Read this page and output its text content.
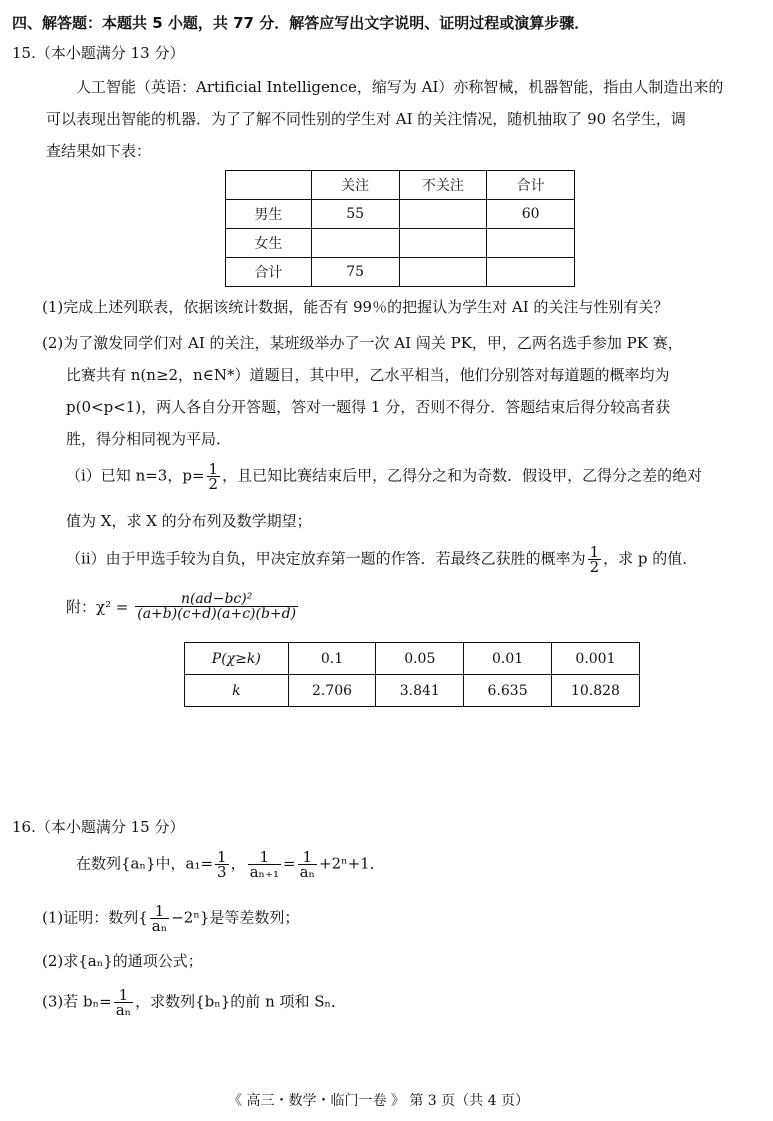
四、解答题：本题共 5 小题，共 77 分．解答应写出文字说明、证明过程或演算步骤．
15.（本小题满分 13 分）
人工智能（英语：Artificial Intelligence，缩写为 AI）亦称智械，机器智能，指由人制造出来的
可以表现出智能的机器．为了了解不同性别的学生对 AI 的关注情况，随机抽取了 90 名学生，调
查结果如下表：
	关注	不关注	合计
男生	55		60
女生			
合计	75		
(1)完成上述列联表，依据该统计数据，能否有 99％的把握认为学生对 AI 的关注与性别有关？
(2)为了激发同学们对 AI 的关注，某班级举办了一次 AI 闯关 PK，甲，乙两名选手参加 PK 赛，
比赛共有 n(n≥2，n∈N*）道题目，其中甲，乙水平相当，他们分别答对每道题的概率均为
p(0<p<1)，两人各自分开答题，答对一题得 1 分，否则不得分．答题结束后得分较高者获
胜，得分相同视为平局．
（ⅰ）已知 n=3，$p= \frac{1}{2}$ ，且已知比赛结束后甲，乙得分之和为奇数．假设甲，乙得分之差的绝对
值为 X，求 X 的分布列及数学期望；
（ⅱ）由于甲选手较为自负，甲决定放弃第一题的作答．若最终乙获胜的概率为 $\frac{1}{2}$ ，求 p 的值．
附：$\chi^2 = \frac{\text{n(ad−bc)²}}{(a+b)(c+d)(a+c)(b+d)}$
P(χ≥k)	0.1	0.05	0.01	0.001
k	2.706	3.841	6.635	10.828
16.（本小题满分 15 分）
在数列{aₙ}中，$a_1= \frac{1}{3}$ ， $\frac{1}{\text{aₙ₊₁}} = \frac{1}{\text{aₙ}} +2^n+1$．
(1)证明：数列{ $\frac{1}{\text{aₙ}} -2^n$}是等差数列；
(2)求{aₙ}的通项公式；
(3)若 $b_n= \frac{1}{\text{aₙ}}$ ，求数列{bₙ}的前 n 项和 Sₙ．
《 高三・数学・临门一卷 》 第 3 页（共 4 页）
